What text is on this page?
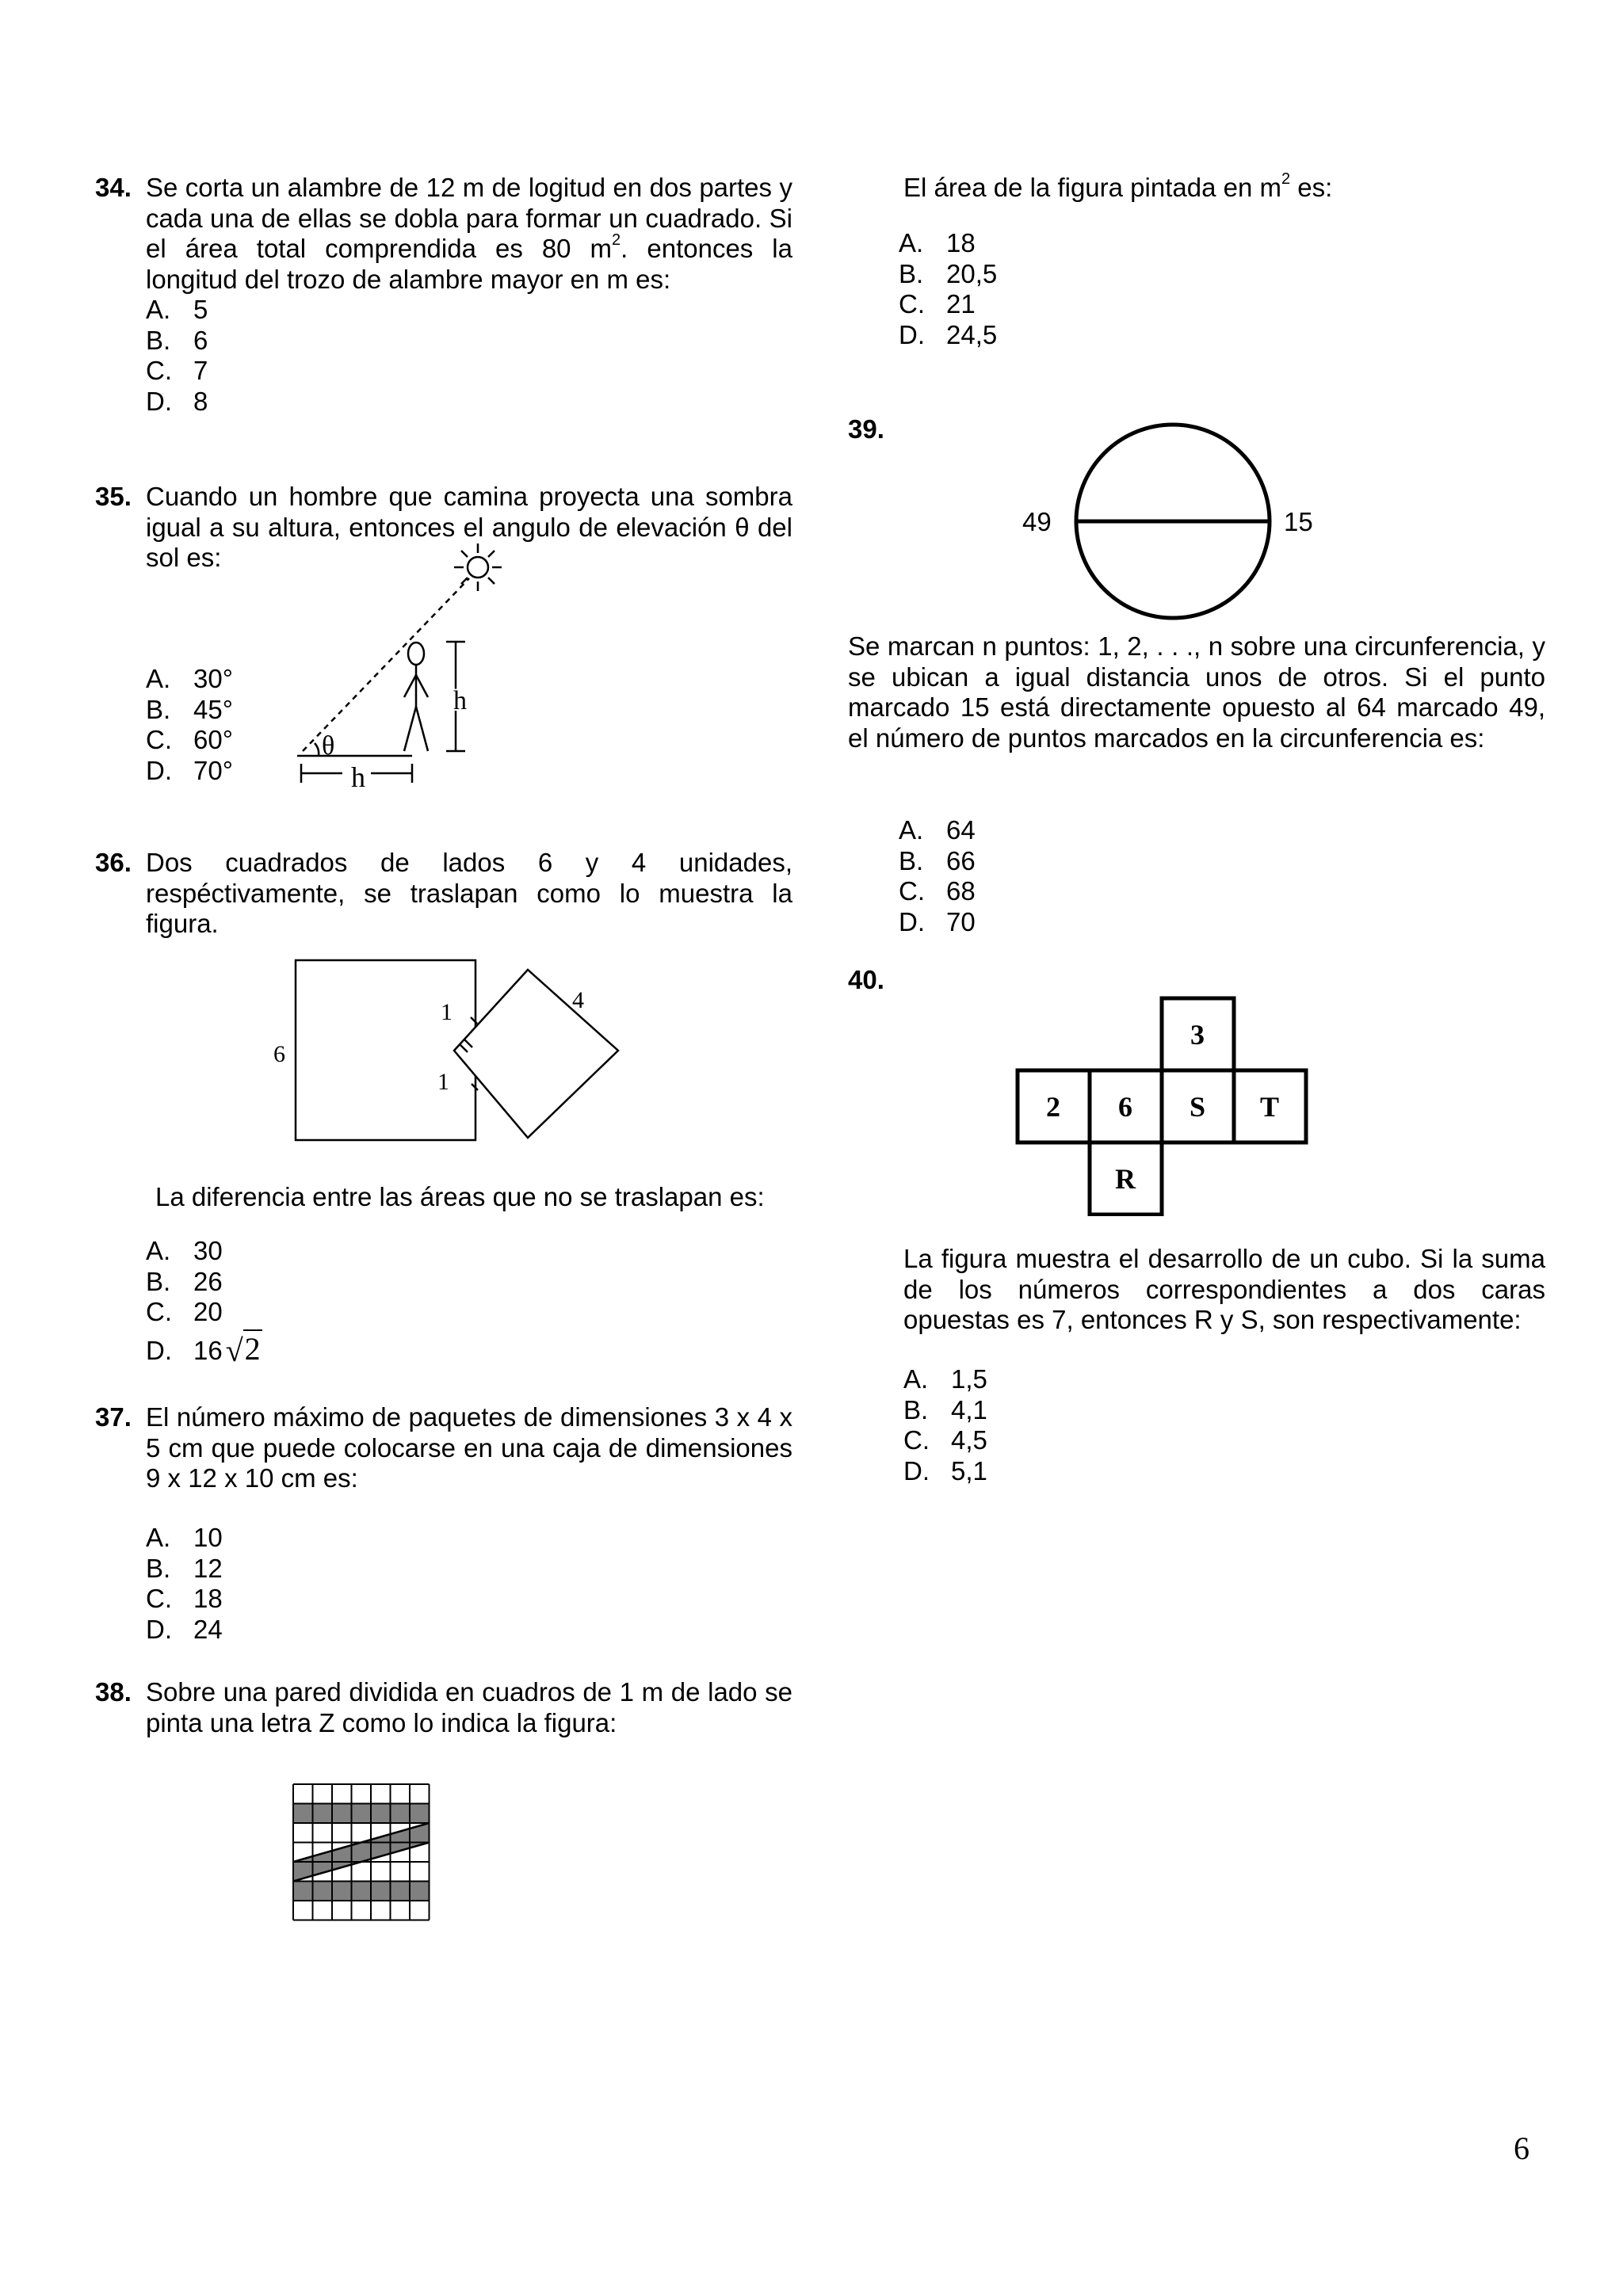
34. Se corta un alambre de 12 m de logitud en dos partes y cada una de ellas se dobla para formar un cuadrado. Si el área total comprendida es 80 $m^2$. entonces la longitud del trozo de alambre mayor en m es:
A. 5
B. 6
C. 7
D. 8
35. Cuando un hombre que camina proyecta una sombra igual a su altura, entonces el angulo de elevación θ del sol es:
A. 30°
B. 45°
C. 60°
D. 70°
h
θ
h
36. Dos cuadrados de lados 6 y 4 unidades, respéctivamente, se traslapan como lo muestra la figura.
6
4
1
1
La diferencia entre las áreas que no se traslapan es:
A. 30
B. 26
C. 20
D. 16 √2
37. El número máximo de paquetes de dimensiones 3 x 4 x 5 cm que puede colocarse en una caja de dimensiones 9 x 12 x 10 cm es:
A. 10
B. 12
C. 18
D. 24
38. Sobre una pared dividida en cuadros de 1 m de lado se pinta una letra Z como lo indica la figura:
El área de la figura pintada en $m^2$ es:
A. 18
B. 20,5
C. 21
D. 24,5
39.
49	15
Se marcan n puntos: 1, 2, . . ., n sobre una circunferencia, y se ubican a igual distancia unos de otros. Si el punto marcado 15 está directamente opuesto al 64 marcado 49, el número de puntos marcados en la circunferencia es:
A. 64
B. 66
C. 68
D. 70
40.
3
2 6 S T
R
La figura muestra el desarrollo de un cubo. Si la suma de los números correspondientes a dos caras opuestas es 7, entonces R y S, son respectivamente:
A. 1,5
B. 4,1
C. 4,5
D. 5,1
6
